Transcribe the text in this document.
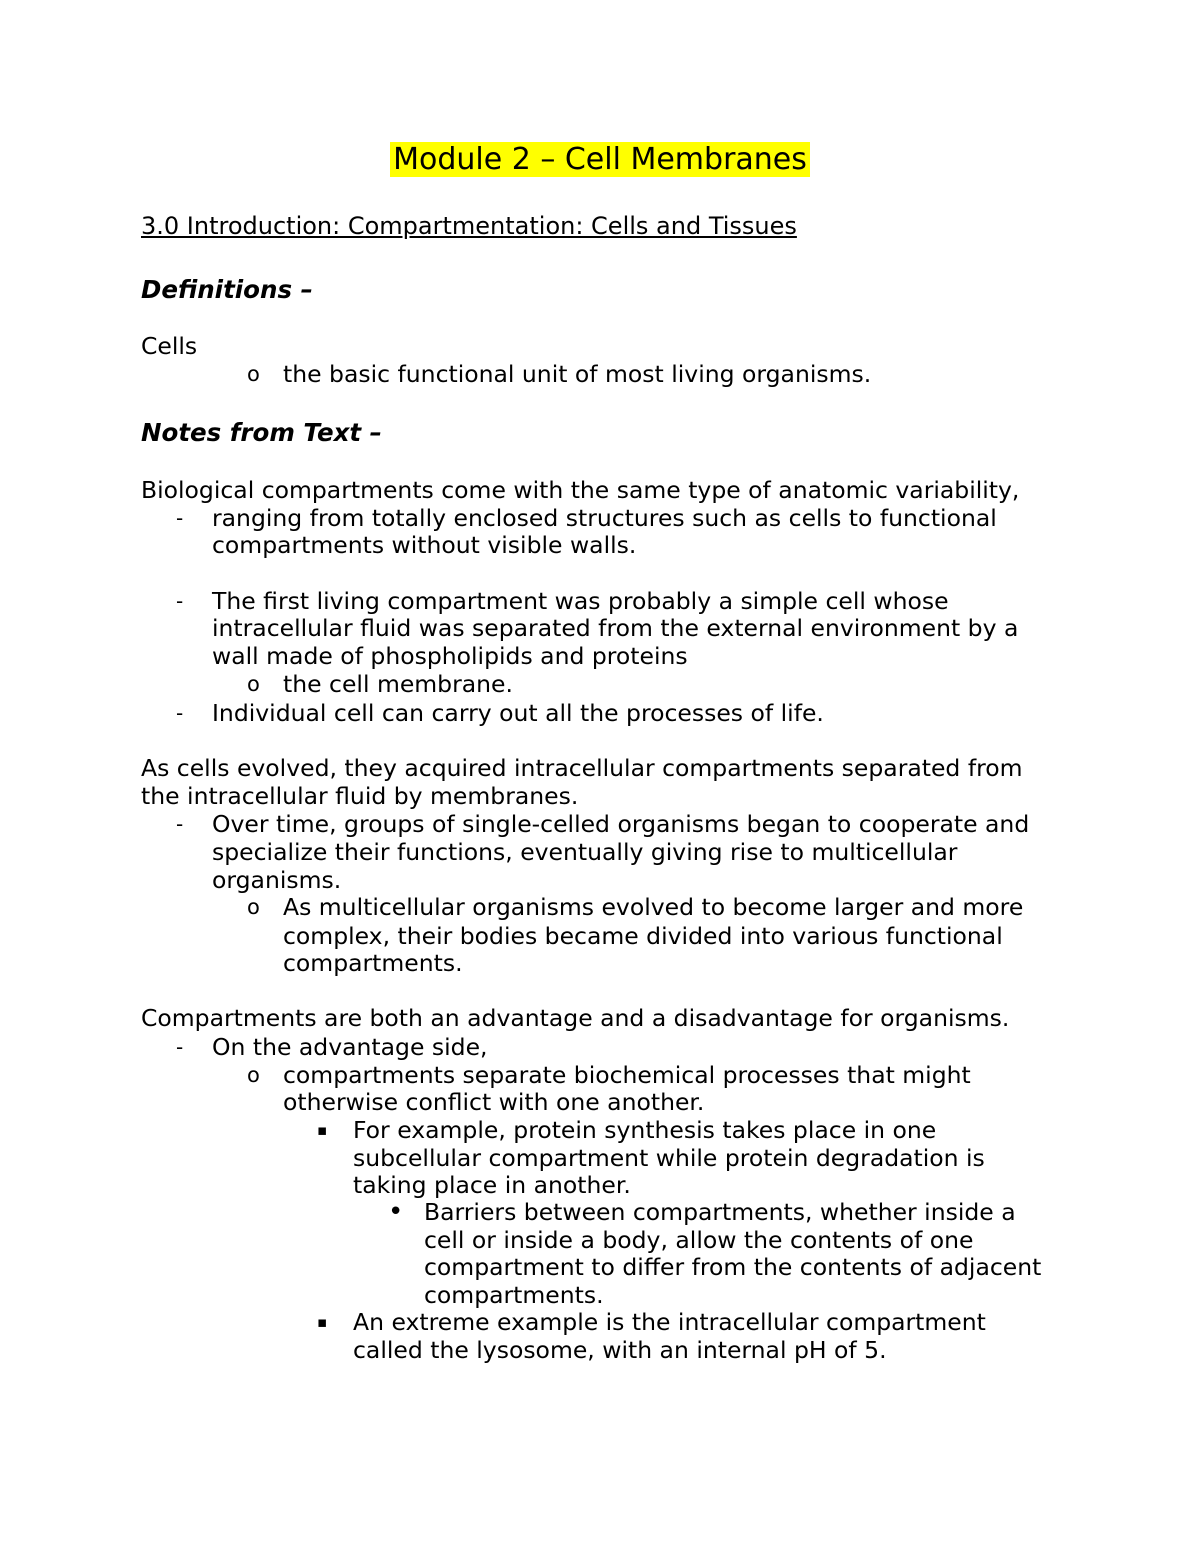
Module 2 – Cell Membranes
3.0 Introduction: Compartmentation: Cells and Tissues
Definitions –
Cells
o the basic functional unit of most living organisms.
Notes from Text –
Biological compartments come with the same type of anatomic variability,
- ranging from totally enclosed structures such as cells to functional
compartments without visible walls.
- The first living compartment was probably a simple cell whose
intracellular fluid was separated from the external environment by a
wall made of phospholipids and proteins
o the cell membrane.
- Individual cell can carry out all the processes of life.
As cells evolved, they acquired intracellular compartments separated from
the intracellular fluid by membranes.
- Over time, groups of single-celled organisms began to cooperate and
specialize their functions, eventually giving rise to multicellular
organisms.
o As multicellular organisms evolved to become larger and more
complex, their bodies became divided into various functional
compartments.
Compartments are both an advantage and a disadvantage for organisms.
- On the advantage side,
o compartments separate biochemical processes that might
otherwise conflict with one another.
▪ For example, protein synthesis takes place in one
subcellular compartment while protein degradation is
taking place in another.
• Barriers between compartments, whether inside a
cell or inside a body, allow the contents of one
compartment to differ from the contents of adjacent
compartments.
▪ An extreme example is the intracellular compartment
called the lysosome, with an internal pH of 5.
